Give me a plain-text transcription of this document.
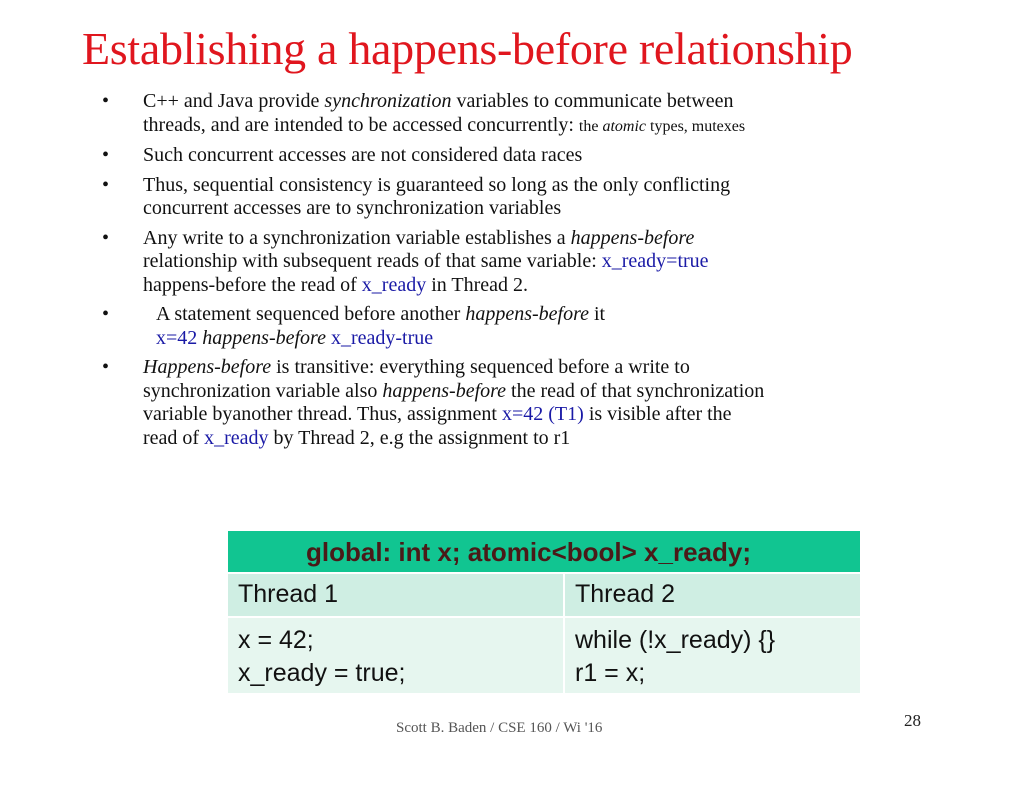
Establishing a happens-before relationship
• C++ and Java provide synchronization variables to communicate between
threads, and are intended to be accessed concurrently: the atomic types, mutexes
• Such concurrent accesses are not considered data races
• Thus, sequential consistency is guaranteed so long as the only conflicting
concurrent accesses are to synchronization variables
• Any write to a synchronization variable establishes a happens-before
relationship with subsequent reads of that same variable: x_ready=true
happens-before the read of x_ready in Thread 2.
• A statement sequenced before another happens-before it
x=42 happens-before x_ready-true
• Happens-before is transitive: everything sequenced before a write to
synchronization variable also happens-before the read of that synchronization
variable byanother thread. Thus, assignment x=42 (T1) is visible after the
read of x_ready by Thread 2, e.g the assignment to r1
global: int x; atomic<bool> x_ready;
Thread 1	Thread 2
x = 42;
x_ready = true;
while (!x_ready) {}
r1 = x;
Scott B. Baden / CSE 160 / Wi '16	28
